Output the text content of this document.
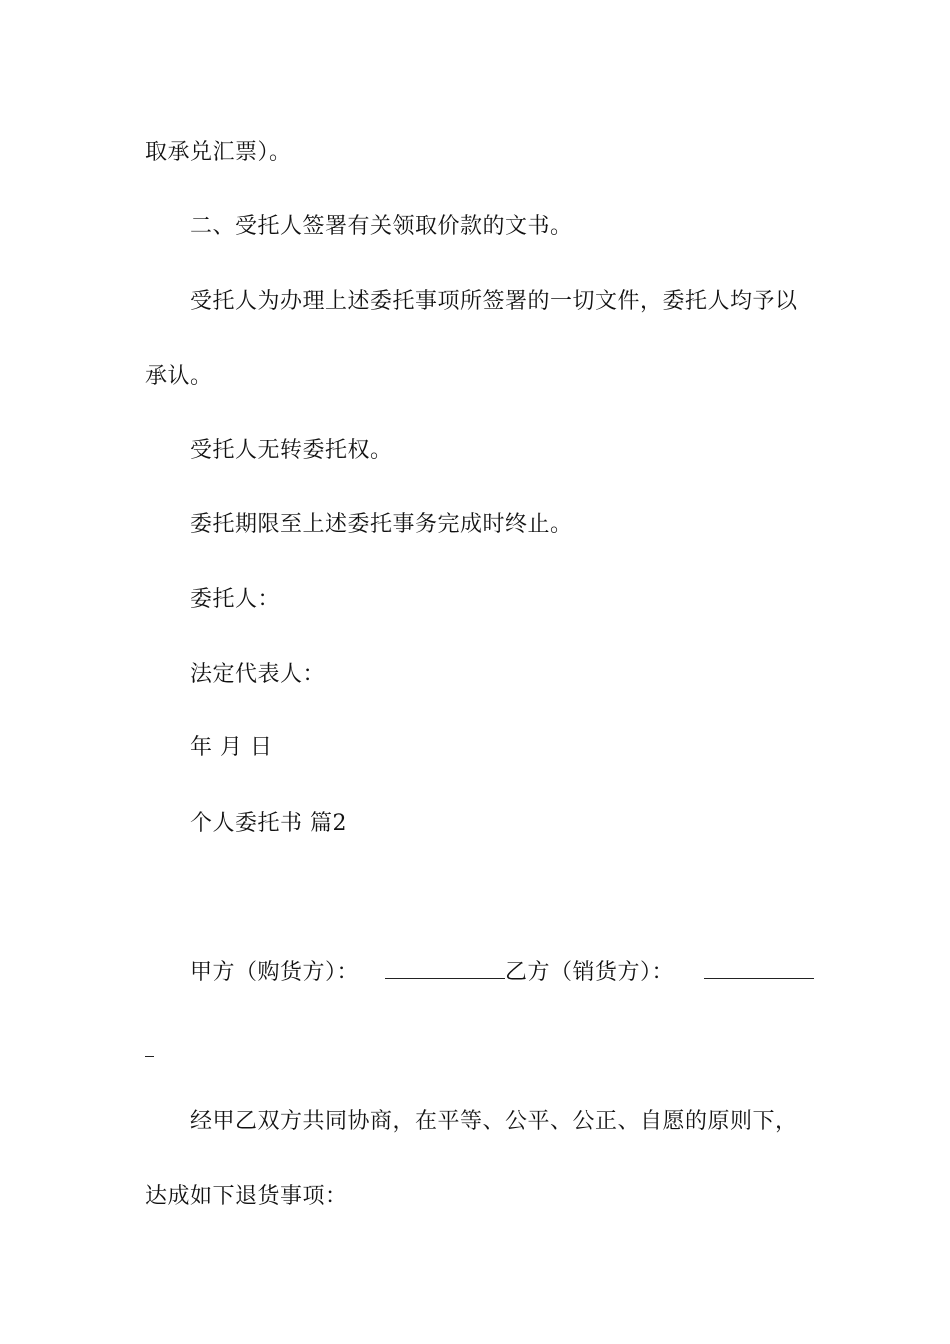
取承兑汇票）。
二、受托人签署有关领取价款的文书。
受托人为办理上述委托事项所签署的一切文件，委托人均予以
承认。
受托人无转委托权。
委托期限至上述委托事务完成时终止。
委托人：
法定代表人：
年 月 日
个人委托书 篇2
甲方（购货方）：	乙方（销货方）：
经甲乙双方共同协商，在平等、公平、公正、自愿的原则下，
达成如下退货事项：
